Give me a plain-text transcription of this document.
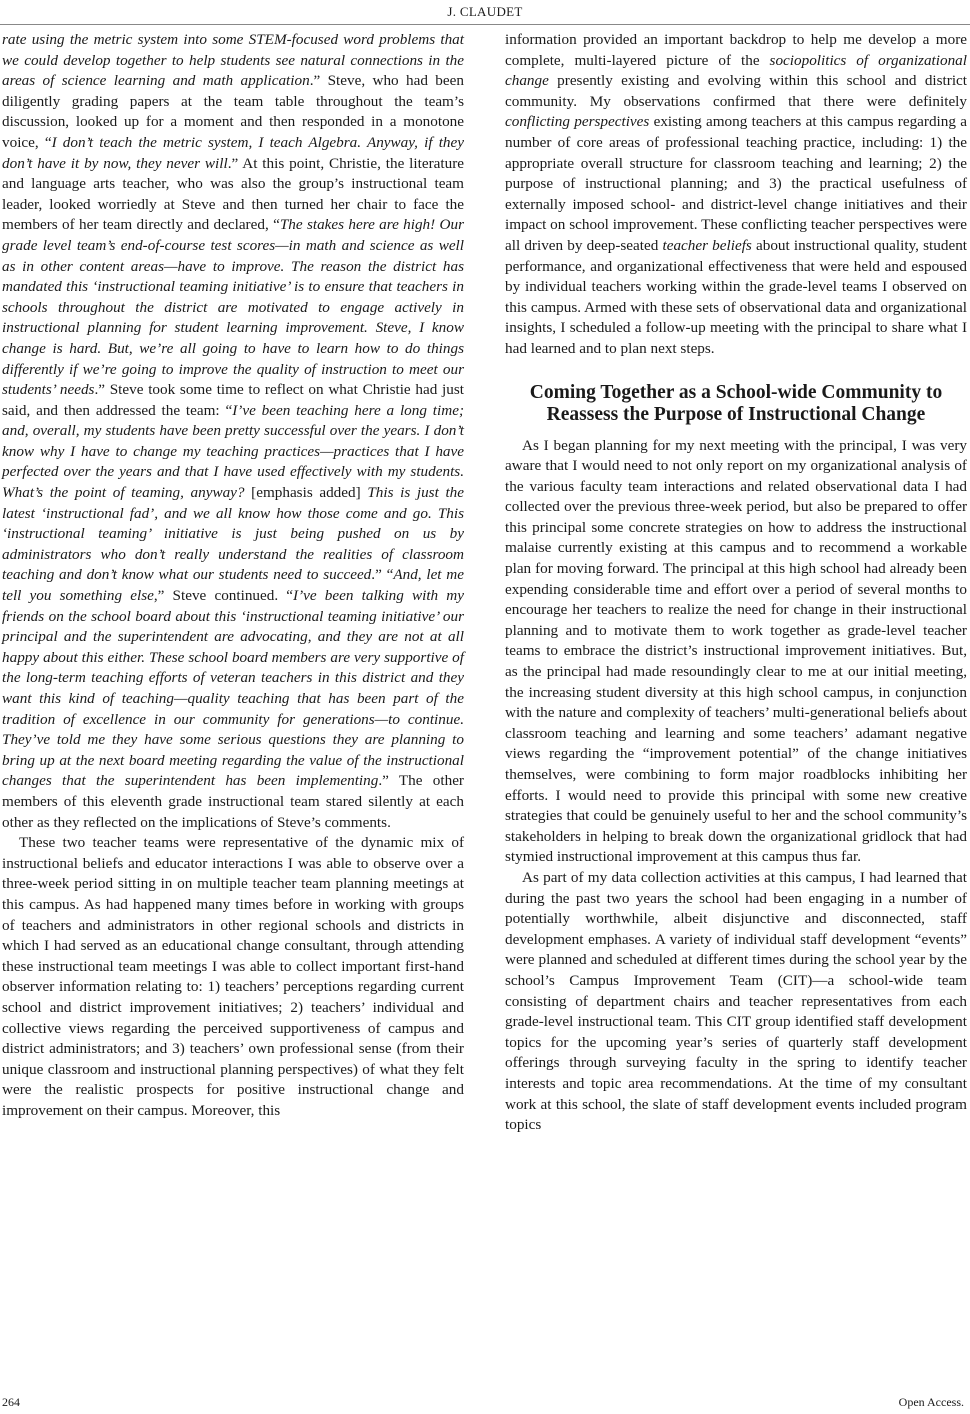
J. CLAUDET

rate using the metric system into some STEM-focused word problems that we could develop together to help students see natural connections in the areas of science learning and math application.” Steve, who had been diligently grading papers at the team table throughout the team’s discussion, looked up for a moment and then responded in a monotone voice, “I don’t teach the metric system, I teach Algebra. Anyway, if they don’t have it by now, they never will.” At this point, Christie, the literature and language arts teacher, who was also the group’s instructional team leader, looked worriedly at Steve and then turned her chair to face the members of her team directly and declared, “The stakes here are high! Our grade level team’s end-of-course test scores—in math and science as well as in other content areas—have to improve. The reason the district has mandated this ‘instructional teaming initiative’ is to ensure that teachers in schools throughout the district are motivated to engage actively in instructional planning for student learning improvement. Steve, I know change is hard. But, we’re all going to have to learn how to do things differently if we’re going to improve the quality of instruction to meet our students’ needs.” Steve took some time to reflect on what Christie had just said, and then addressed the team: “I’ve been teaching here a long time; and, overall, my students have been pretty successful over the years. I don’t know why I have to change my teaching practices—practices that I have perfected over the years and that I have used effectively with my students. What’s the point of teaming, anyway? [emphasis added] This is just the latest ‘instructional fad’, and we all know how those come and go. This ‘instructional teaming’ initiative is just being pushed on us by administrators who don’t really understand the realities of classroom teaching and don’t know what our students need to succeed.” “And, let me tell you something else,” Steve continued. “I’ve been talking with my friends on the school board about this ‘instructional teaming initiative’ our principal and the superintendent are advocating, and they are not at all happy about this either. These school board members are very supportive of the long-term teaching efforts of veteran teachers in this district and they want this kind of teaching—quality teaching that has been part of the tradition of excellence in our community for generations—to continue. They’ve told me they have some serious questions they are planning to bring up at the next board meeting regarding the value of the instructional changes that the superintendent has been implementing.” The other members of this eleventh grade instructional team stared silently at each other as they reflected on the implications of Steve’s comments.

These two teacher teams were representative of the dynamic mix of instructional beliefs and educator interactions I was able to observe over a three-week period sitting in on multiple teacher team planning meetings at this campus. As had happened many times before in working with groups of teachers and administrators in other regional schools and districts in which I had served as an educational change consultant, through attending these instructional team meetings I was able to collect important first-hand observer information relating to: 1) teachers’ perceptions regarding current school and district improvement initiatives; 2) teachers’ individual and collective views regarding the perceived supportiveness of campus and district administrators; and 3) teachers’ own professional sense (from their unique classroom and instructional planning perspectives) of what they felt were the realistic prospects for positive instructional change and improvement on their campus. Moreover, this

information provided an important backdrop to help me develop a more complete, multi-layered picture of the sociopolitics of organizational change presently existing and evolving within this school and district community. My observations confirmed that there were definitely conflicting perspectives existing among teachers at this campus regarding a number of core areas of professional teaching practice, including: 1) the appropriate overall structure for classroom teaching and learning; 2) the purpose of instructional planning; and 3) the practical usefulness of externally imposed school- and district-level change initiatives and their impact on school improvement. These conflicting teacher perspectives were all driven by deep-seated teacher beliefs about instructional quality, student performance, and organizational effectiveness that were held and espoused by individual teachers working within the grade-level teams I observed on this campus. Armed with these sets of observational data and organizational insights, I scheduled a follow-up meeting with the principal to share what I had learned and to plan next steps.

Coming Together as a School-wide Community to Reassess the Purpose of Instructional Change

As I began planning for my next meeting with the principal, I was very aware that I would need to not only report on my organizational analysis of the various faculty team interactions and related observational data I had collected over the previous three-week period, but also be prepared to offer this principal some concrete strategies on how to address the instructional malaise currently existing at this campus and to recommend a workable plan for moving forward. The principal at this high school had already been expending considerable time and effort over a period of several months to encourage her teachers to realize the need for change in their instructional planning and to motivate them to work together as grade-level teacher teams to embrace the district’s instructional improvement initiatives. But, as the principal had made resoundingly clear to me at our initial meeting, the increasing student diversity at this high school campus, in conjunction with the nature and complexity of teachers’ multi-generational beliefs about classroom teaching and learning and some teachers’ adamant negative views regarding the “improvement potential” of the change initiatives themselves, were combining to form major roadblocks inhibiting her efforts. I would need to provide this principal with some new creative strategies that could be genuinely useful to her and the school community’s stakeholders in helping to break down the organizational gridlock that had stymied instructional improvement at this campus thus far.

As part of my data collection activities at this campus, I had learned that during the past two years the school had been engaging in a number of potentially worthwhile, albeit disjunctive and disconnected, staff development emphases. A variety of individual staff development “events” were planned and scheduled at different times during the school year by the school’s Campus Improvement Team (CIT)—a school-wide team consisting of department chairs and teacher representatives from each grade-level instructional team. This CIT group identified staff development topics for the upcoming year’s series of quarterly staff development offerings through surveying faculty in the spring to identify teacher interests and topic area recommendations. At the time of my consultant work at this school, the slate of staff development events included program topics

264	Open Access.
